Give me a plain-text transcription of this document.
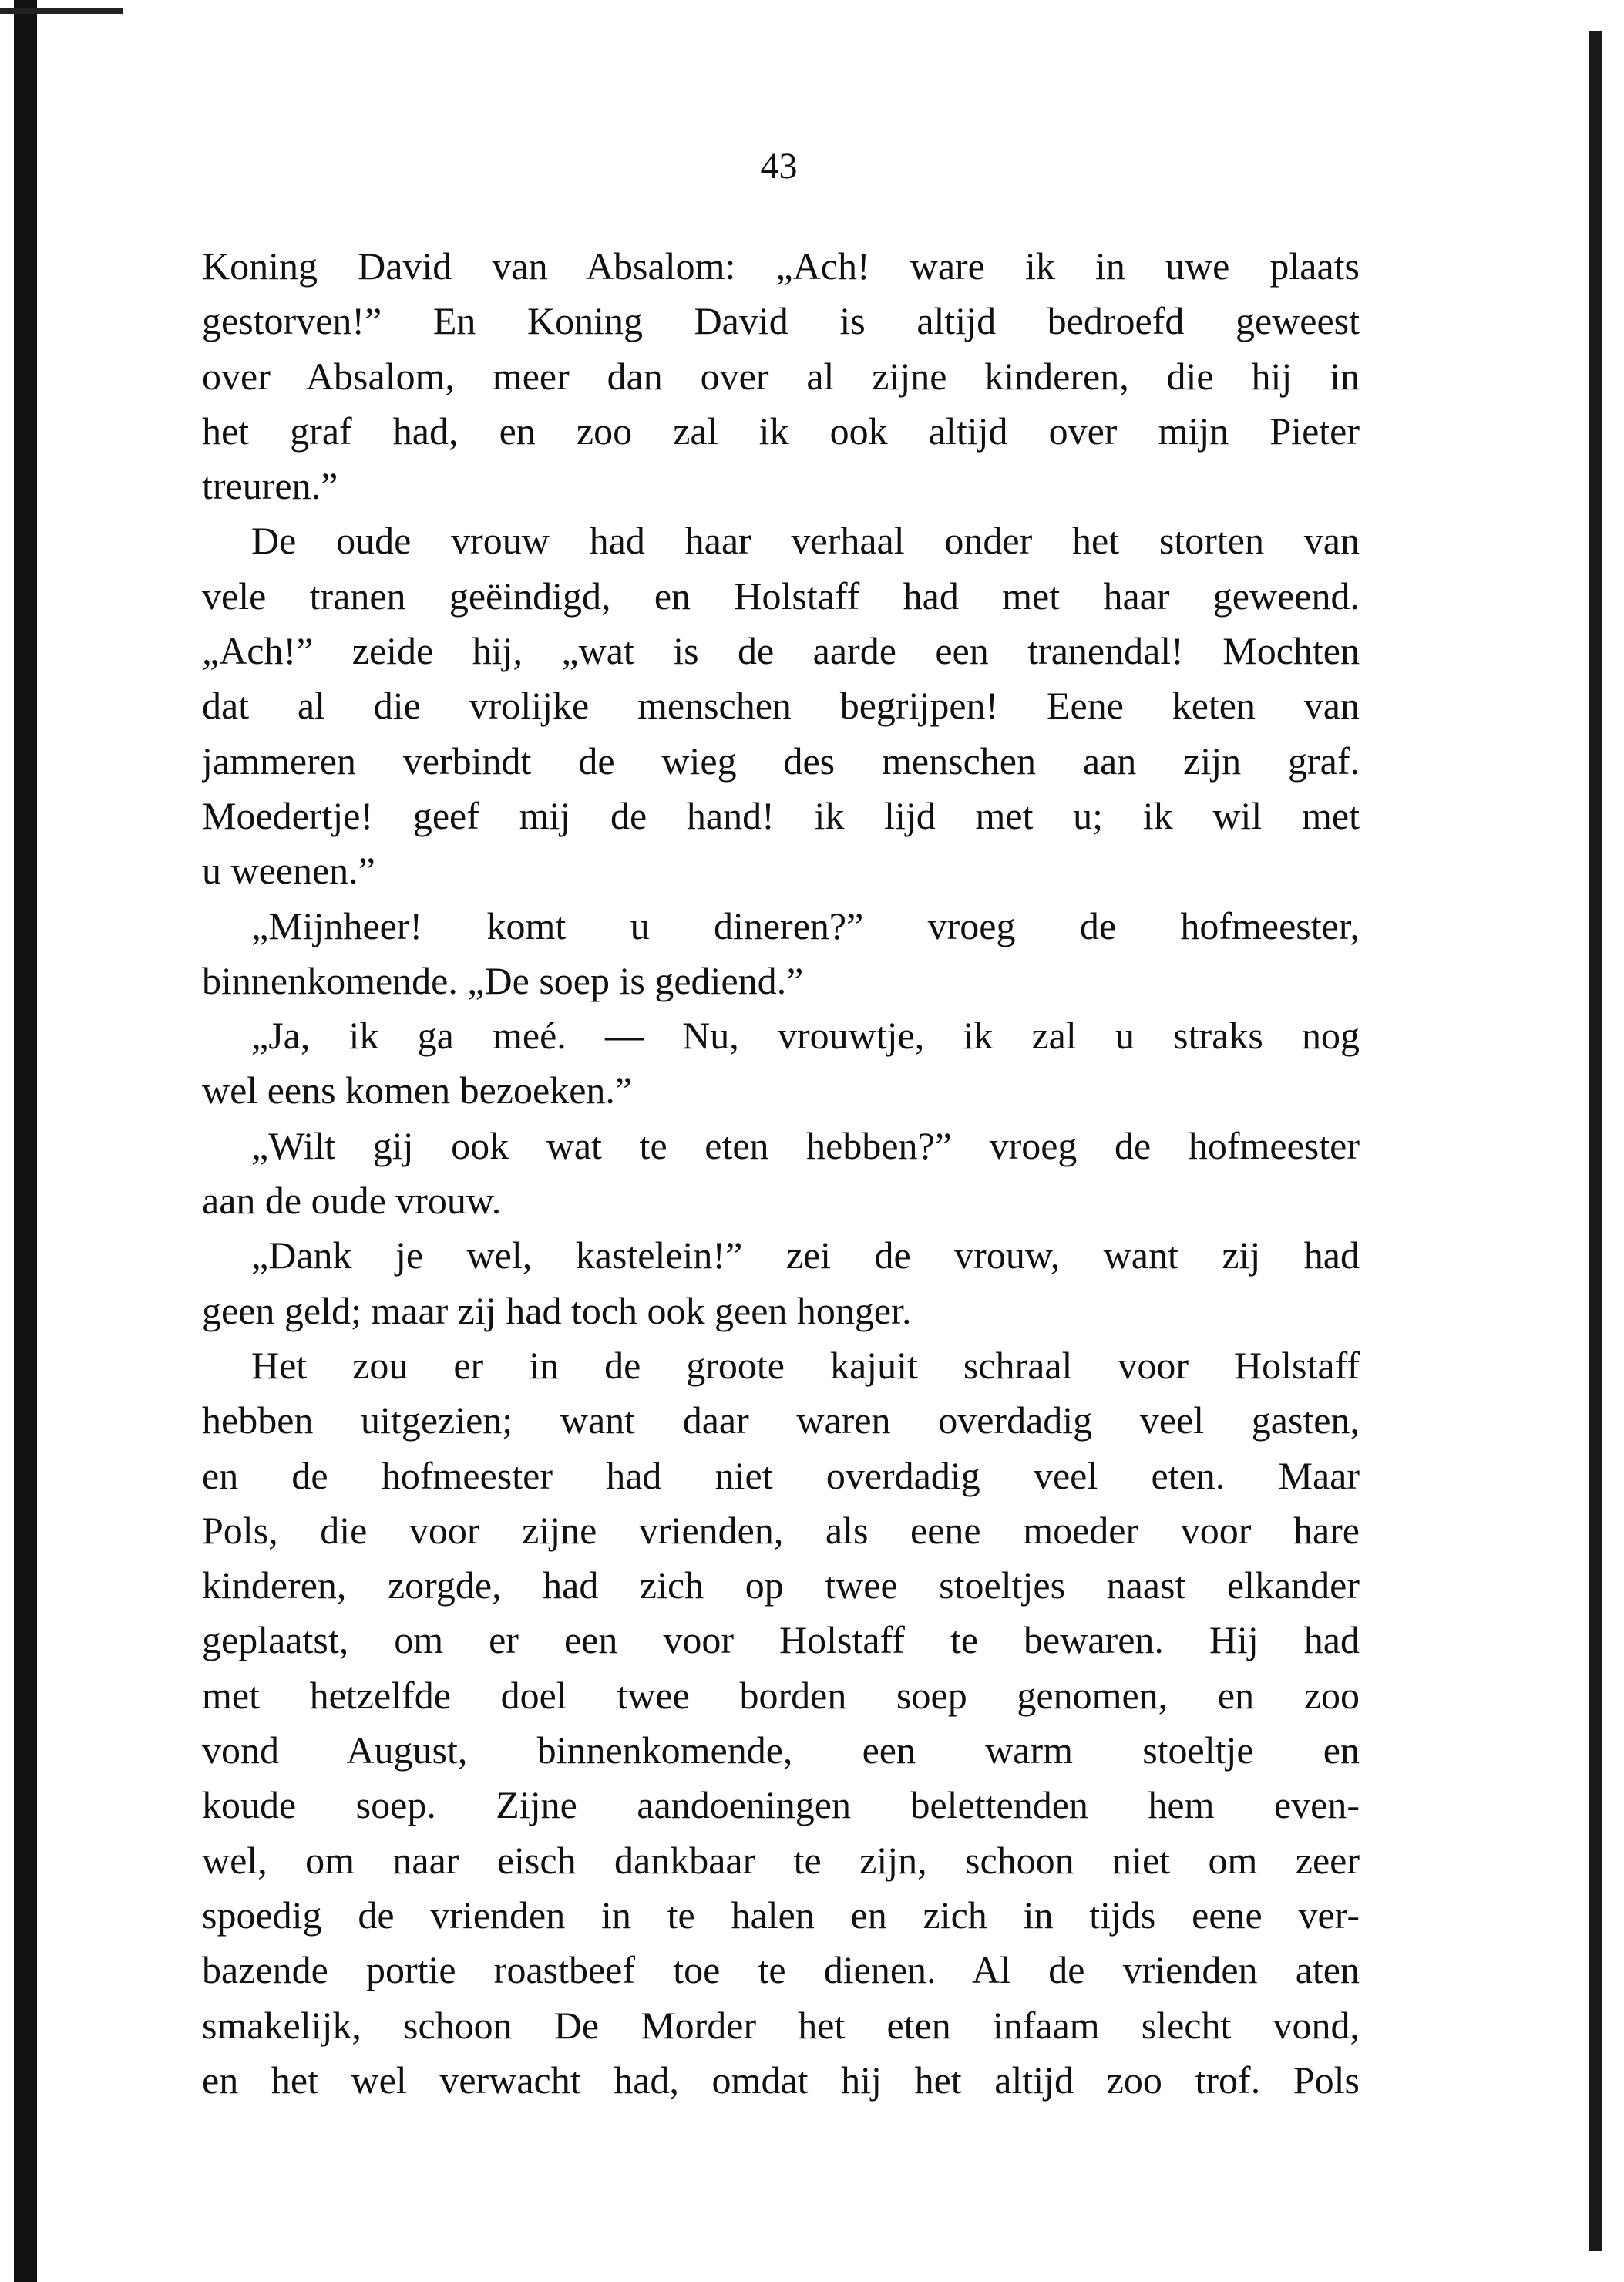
43
Koning David van Absalom: „Ach! ware ik in uwe plaats
gestorven!” En Koning David is altijd bedroefd geweest
over Absalom, meer dan over al zijne kinderen, die hij in
het graf had, en zoo zal ik ook altijd over mijn Pieter
treuren.”
De oude vrouw had haar verhaal onder het storten van
vele tranen geëindigd, en Holstaff had met haar geweend.
„Ach!” zeide hij, „wat is de aarde een tranendal! Mochten
dat al die vrolijke menschen begrijpen! Eene keten van
jammeren verbindt de wieg des menschen aan zijn graf.
Moedertje! geef mij de hand! ik lijd met u; ik wil met
u weenen.”
„Mijnheer! komt u dineren?” vroeg de hofmeester,
binnenkomende. „De soep is gediend.”
„Ja, ik ga meé. — Nu, vrouwtje, ik zal u straks nog
wel eens komen bezoeken.”
„Wilt gij ook wat te eten hebben?” vroeg de hofmeester
aan de oude vrouw.
„Dank je wel, kastelein!” zei de vrouw, want zij had
geen geld; maar zij had toch ook geen honger.
Het zou er in de groote kajuit schraal voor Holstaff
hebben uitgezien; want daar waren overdadig veel gasten,
en de hofmeester had niet overdadig veel eten. Maar
Pols, die voor zijne vrienden, als eene moeder voor hare
kinderen, zorgde, had zich op twee stoeltjes naast elkander
geplaatst, om er een voor Holstaff te bewaren. Hij had
met hetzelfde doel twee borden soep genomen, en zoo
vond August, binnenkomende, een warm stoeltje en
koude soep. Zijne aandoeningen belettenden hem even-
wel, om naar eisch dankbaar te zijn, schoon niet om zeer
spoedig de vrienden in te halen en zich in tijds eene ver-
bazende portie roastbeef toe te dienen. Al de vrienden aten
smakelijk, schoon De Morder het eten infaam slecht vond,
en het wel verwacht had, omdat hij het altijd zoo trof. Pols
